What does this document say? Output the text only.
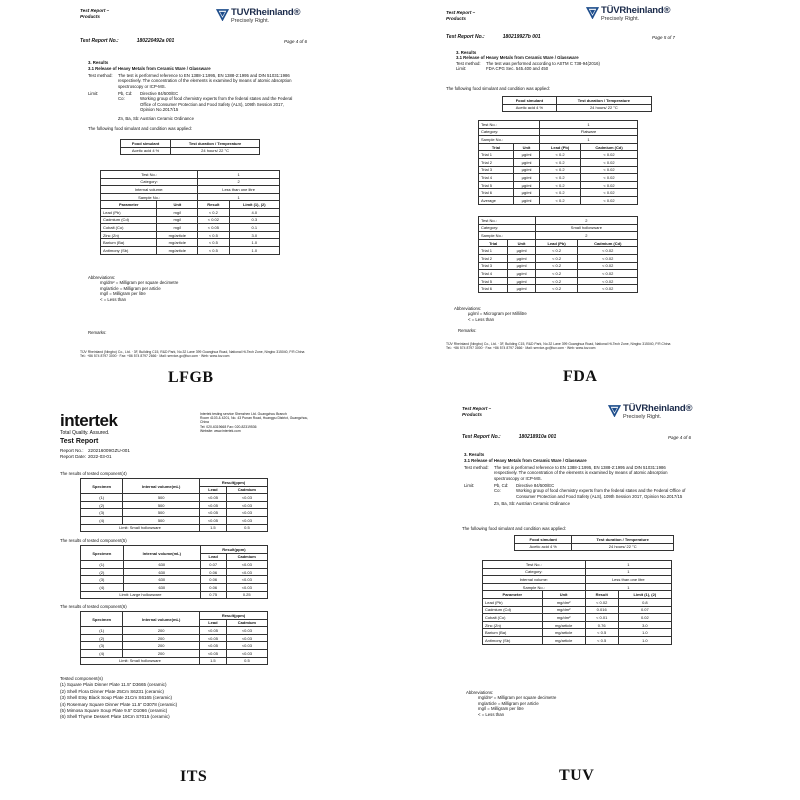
Test Report –
Products	TÜVRheinland®
Precisely Right.
Test Report No.:	180220492a 001	Page 4 of 6
3. Results
3.1 Release of Heavy Metals from Ceramic Ware / Glassware
Test method:	The test is performed reference to EN 1388-1:1995, EN 1388-2:1995 and DIN 51031:1986 respectively. The concentration of the elements is examined by means of atomic absorption spectroscopy or ICP-MS.
Limit:	Pb, Cd:	Directive 84/500/EC
Co:	Working group of food chemistry experts from the federal states and the Federal Office of Consumer Protection and Food Safety (ALS), 109th Session 2017, Opinion No.2017/15
Zn, Ba, Sb: Austrian Ceramic Ordinance
The following food simulant and condition was applied:
Food simulant	Test duration / Temperature
Acetic acid 4 %	24 hours/ 22 °C
Test No.:		1	
Category:		2	
Internal volume:		Less than one litre	
Sample No.:		1	
Parameter	Unit	Result	Limit (1), (2)
Lead (Pb)	mg/l	< 0.2	4.0
Cadmium (Cd)	mg/l	< 0.02	0.3
Cobalt (Co)	mg/l	< 0.05	0.1
Zinc (Zn)	mg/article	< 0.5	3.0
Barium (Ba)	mg/article	< 0.5	1.0
Antimony (Sb)	mg/article	< 0.5	1.0
Abbreviations:
mg/dm² = Milligram per square decimetre
mg/article = Milligram per article
mg/l = Milligram per litre
< = Less than
Remarks:
TÜV Rheinland (Ningbo) Co., Ltd. · 3F, Building C15, R&D Park, No.32 Lane 399 Guanghua Road, National Hi-Tech Zone, Ningbo 315040, P.R.China
Tel.: +86 574 8797 3000 · Fax: +86 574 8797 2666 · Mail: service-gc@tuv.com · Web: www.tuv.com
LFGB
Test Report –
Products
TÜVRheinland®
Precisely Right.
Test Report No.:	180219927b 001	Page 5 of 7
3. Results
3.1 Release of Heavy Metals from Ceramic Ware / Glassware
Test method:	The test was performed according to ASTM C 738-94(2016)
Limit:	FDA CPG Sec. 545.400 and 450
The following food simulant and condition was applied:
Food simulant	Test duration / Temperature
Acetic acid 4 %	24 hours/ 22 °C
Test No.:		1	
Category:		Flatware	
Sample No.:		1	
Trial	Unit	Lead (Pb)	Cadmium (Cd)
Trial 1	µg/ml	< 0.2	< 0.02
Trial 2	µg/ml	< 0.2	< 0.02
Trial 3	µg/ml	< 0.2	< 0.02
Trial 4	µg/ml	< 0.2	< 0.02
Trial 5	µg/ml	< 0.2	< 0.02
Trial 6	µg/ml	< 0.2	< 0.02
Average	µg/ml	< 0.2	< 0.02
Test No.:		2	
Category:		Small hollowware	
Sample No.:		2	
Trial	Unit	Lead (Pb)	Cadmium (Cd)
Trial 1	µg/ml	< 0.2	< 0.02
Trial 2	µg/ml	< 0.2	< 0.02
Trial 3	µg/ml	< 0.2	< 0.02
Trial 4	µg/ml	< 0.2	< 0.02
Trial 5	µg/ml	< 0.2	< 0.02
Trial 6	µg/ml	< 0.2	< 0.02
Abbreviations:
µg/ml = Microgram per Millilitre
< = Less than
Remarks:
TÜV Rheinland (Ningbo) Co., Ltd. · 3F, Building C15, R&D Park, No.32 Lane 399 Guanghua Road, National Hi-Tech Zone, Ningbo 315040, P.R.China
Tel.: +86 574 8797 3000 · Fax: +86 574 8797 2666 · Mail: service-gc@tuv.com · Web: www.tuv.com
FDA
intertek
Total Quality. Assured.
Intertek testing service Shenzhen Ltd. Guangzhou Branch
Room 4103 & 4201, No. 43 Punan Road, Huangpu District, Guangzhou, China
Tel: 020-6319668 Fax: 020-82319536
Website: www.intertek.com
Test Report
Report No.: 220216009GZU-001
Report Date: 2022-03-01
The results of tested component(4)
Specimen	Internal volume(mL)	Result(ppm)	
		Lead	Cadmium
(1)	500	<0.05	<0.03
(2)	500	<0.05	<0.03
(3)	500	<0.05	<0.03
(4)	500	<0.05	<0.03
Limit: Small hollowware		1.5	0.5
The results of tested component(5)
Specimen	Internal volume(mL)	Result(ppm)	
		Lead	Cadmium
(1)	630	0.07	<0.03
(2)	630	0.06	<0.03
(3)	630	0.06	<0.03
(4)	630	0.06	<0.03
Limit: Large hollowware		0.75	0.25
The results of tested component(6)
Specimen	Internal volume(mL)	Result(ppm)	
		Lead	Cadmium
(1)	200	<0.05	<0.03
(2)	200	<0.05	<0.03
(3)	200	<0.05	<0.03
(4)	200	<0.05	<0.03
Limit: Small hollowware		1.5	0.5
Tested component(s)
(1) Square Plain Dinner Plate 11.5" D3665 (ceramic)
(2) Shell Flora Dinner Plate 25Cm S6231 (ceramic)
(3) Shell Etsy Black Soup Plate 21Cm S6165 (ceramic)
(4) Rosemary Square Dinner Plate 11.5" D3078 (ceramic)
(5) Mimosa Square Soup Plate 9.5" D1066 (ceramic)
(6) Shell Thyme Dessert Plate 19Cm S7015 (ceramic)
ITS
Test Report –
Products	TÜVRheinland®
Precisely Right.
Test Report No.:	180218910a 001	Page 4 of 6
3. Results
3.1 Release of Heavy Metals from Ceramic Ware / Glassware
Test method:	The test is performed reference to EN 1388-1:1995, EN 1388-2:1995 and DIN 51031:1986 respectively. The concentration of the elements is examined by means of atomic absorption spectroscopy or ICP-MS.
Limit:	Pb, Cd:	Directive 84/500/EC
Co:	Working group of food chemistry experts from the federal states and the Federal Office of Consumer Protection and Food Safety (ALS), 109th Session 2017, Opinion No.2017/15
Zn, Ba, Sb: Austrian Ceramic Ordinance
The following food simulant and condition was applied:
Food simulant	Test duration / Temperature
Acetic acid 4 %	24 hours/ 22 °C
Test No.:		1	
Category:		1	
Internal volume:		Less than one litre	
Sample No.:		1	
Parameter	Unit	Result	Limit (1), (2)
Lead (Pb)	mg/dm²	< 0.02	0.8
Cadmium (Cd)	mg/dm²	0.016	0.07
Cobalt (Co)	mg/dm²	< 0.01	0.02
Zinc (Zn)	mg/article	0.76	3.0
Barium (Ba)	mg/article	< 0.5	1.0
Antimony (Sb)	mg/article	< 0.5	1.0
Abbreviations:
mg/dm² = Milligram per square decimetre
mg/article = Milligram per article
mg/l = Milligram per litre
< = Less than
TUV
